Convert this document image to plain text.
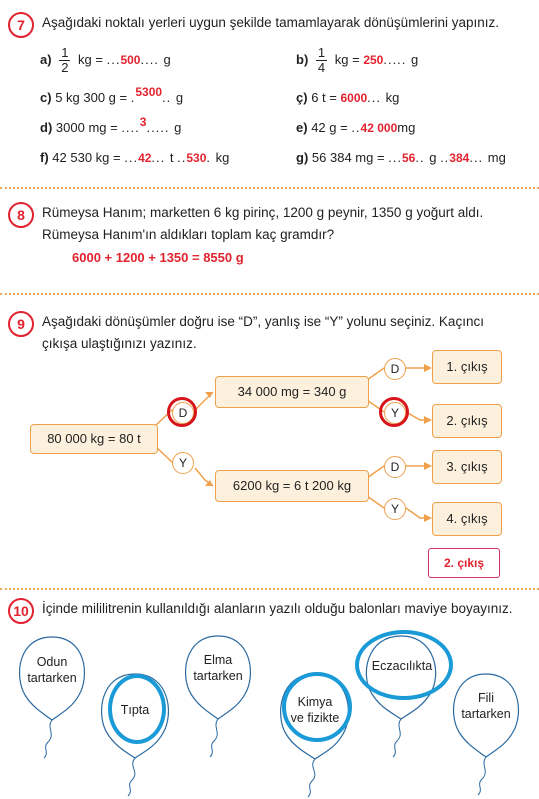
7	Aşağıdaki noktalı yerleri uygun şekilde tamamlayarak dönüşümlerini yapınız.
$a) \frac{1}{2}$ kg = ...500.... g	$b) \frac{1}{4}$ kg = 250..... g
c) 5 kg 300 g = .5300.. g	ç) 6 t = 6000... kg
d) 3000 mg = ....3..... g	e) 42 g = ..42 000mg
f) 42 530 kg = ...42... t ..530. kg	g) 56 384 mg = ...56.. g ..384... mg
8	Rümeysa Hanım; marketten 6 kg pirinç, 1200 g peynir, 1350 g yoğurt aldı.
Rümeysa Hanım'ın aldıkları toplam kaç gramdır?
6000 + 1200 + 1350 = 8550 g
9	Aşağıdaki dönüşümler doğru ise “D”, yanlış ise “Y” yolunu seçiniz. Kaçıncı
çıkışa ulaştığınızı yazınız.
80 000 kg = 80 t
34 000 mg = 340 g
6200 kg = 6 t 200 kg
D
Y
D
Y
D
Y
1. çıkış
2. çıkış
3. çıkış
4. çıkış
2. çıkış
10 İçinde mililitrenin kullanıldığı alanların yazılı olduğu balonları maviye boyayınız.
Odun
tartarken
Tıpta
Elma
tartarken
Kimya
ve fizikte
Eczacılıkta
Fili
tartarken
